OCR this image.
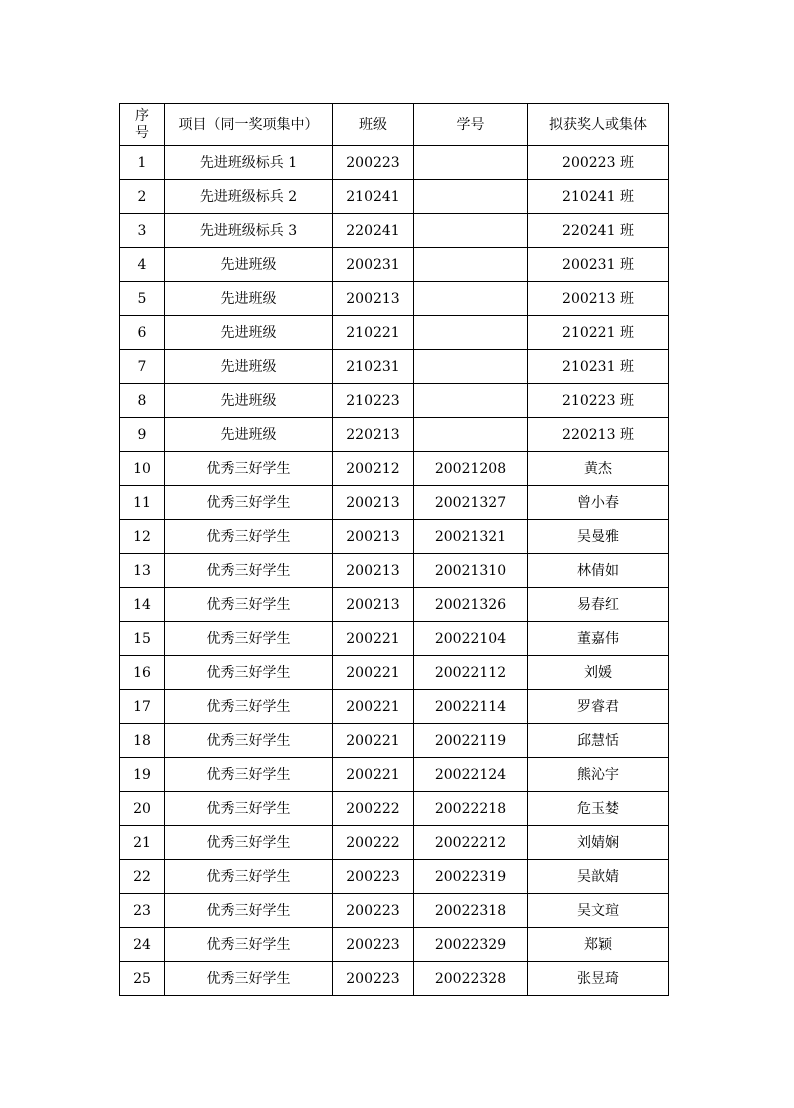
序号	项目（同一奖项集中）	班级	学号	拟获奖人或集体
1	先进班级标兵 1	200223		200223 班
2	先进班级标兵 2	210241		210241 班
3	先进班级标兵 3	220241		220241 班
4	先进班级	200231		200231 班
5	先进班级	200213		200213 班
6	先进班级	210221		210221 班
7	先进班级	210231		210231 班
8	先进班级	210223		210223 班
9	先进班级	220213		220213 班
10	优秀三好学生	200212	20021208	黄杰
11	优秀三好学生	200213	20021327	曾小春
12	优秀三好学生	200213	20021321	吴曼雅
13	优秀三好学生	200213	20021310	林倩如
14	优秀三好学生	200213	20021326	易春红
15	优秀三好学生	200221	20022104	董嘉伟
16	优秀三好学生	200221	20022112	刘媛
17	优秀三好学生	200221	20022114	罗睿君
18	优秀三好学生	200221	20022119	邱慧恬
19	优秀三好学生	200221	20022124	熊沁宇
20	优秀三好学生	200222	20022218	危玉婪
21	优秀三好学生	200222	20022212	刘婧娴
22	优秀三好学生	200223	20022319	吴歆婧
23	优秀三好学生	200223	20022318	吴文瑄
24	优秀三好学生	200223	20022329	郑颖
25	优秀三好学生	200223	20022328	张昱琦
